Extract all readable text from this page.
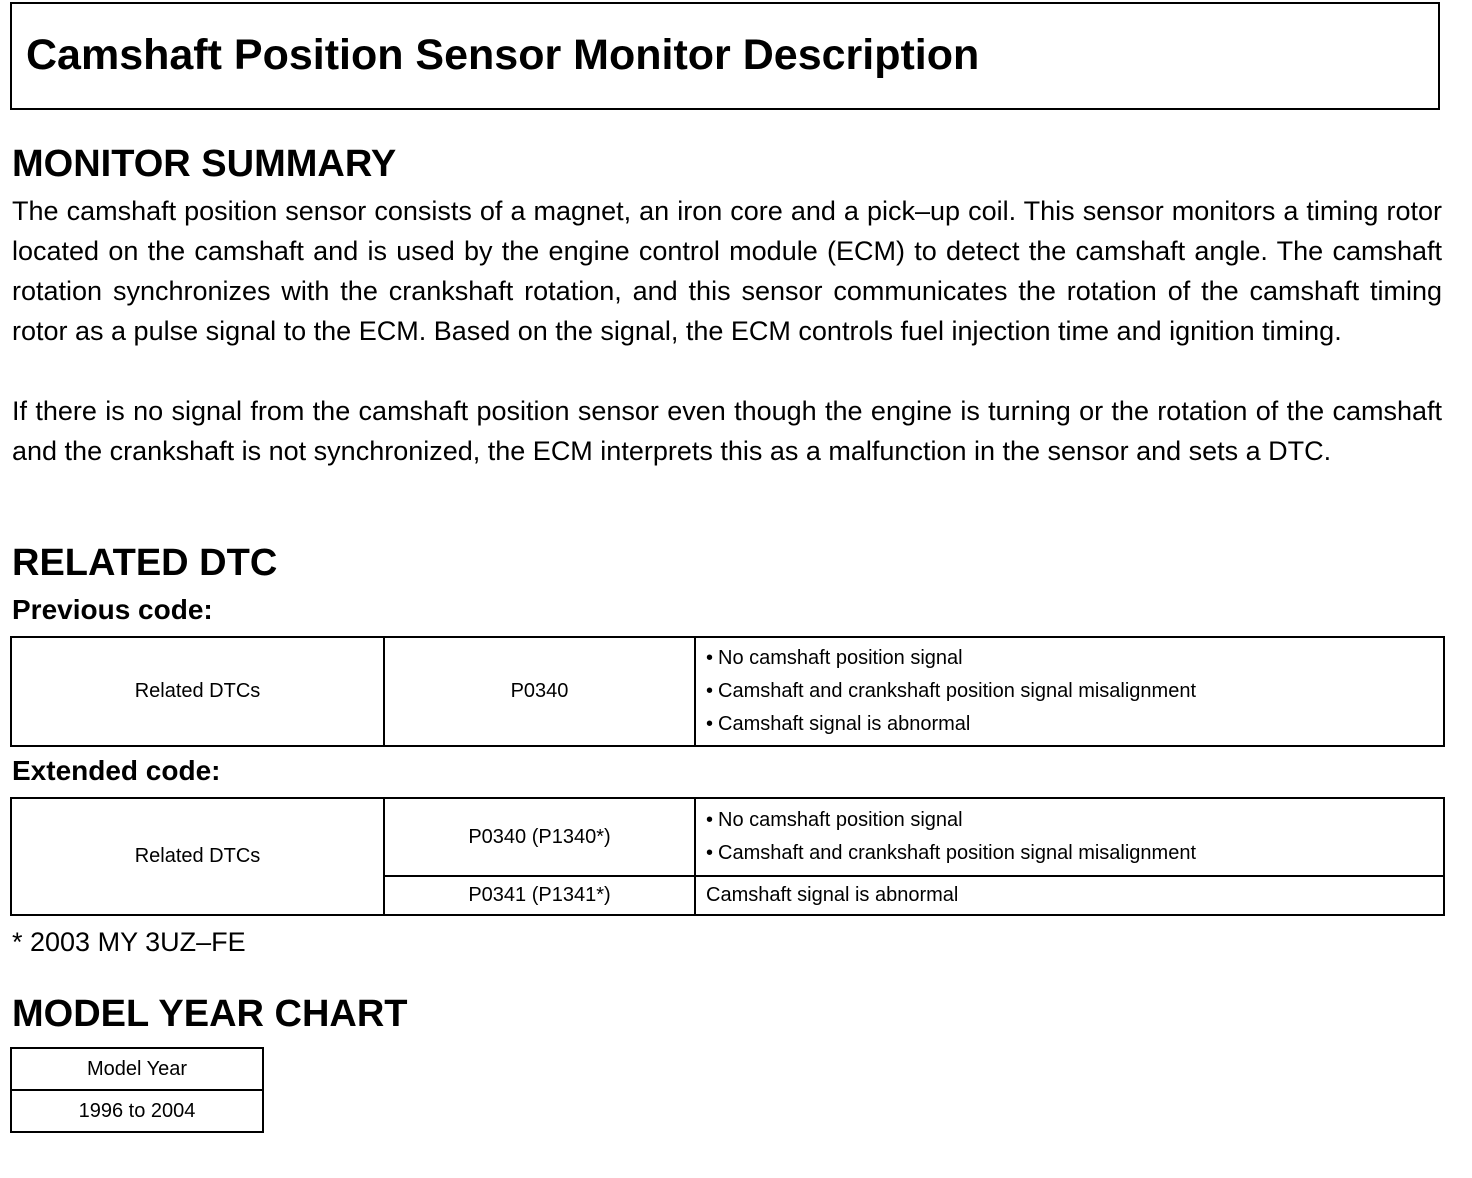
Camshaft Position Sensor Monitor Description
MONITOR SUMMARY
The camshaft position sensor consists of a magnet, an iron core and a pick–up coil. This sensor monitors a timing rotor located on the camshaft and is used by the engine control module (ECM) to detect the camshaft angle. The camshaft rotation synchronizes with the crankshaft rotation, and this sensor communicates the rotation of the camshaft timing rotor as a pulse signal to the ECM. Based on the signal, the ECM controls fuel injection time and ignition timing.
If there is no signal from the camshaft position sensor even though the engine is turning or the rotation of the camshaft and the crankshaft is not synchronized, the ECM interprets this as a malfunction in the sensor and sets a DTC.
RELATED DTC
Previous code:
Related DTCs	P0340	
• No camshaft position signal
• Camshaft and crankshaft position signal misalignment
• Camshaft signal is abnormal
Extended code:
Related DTCs	P0340 (P1340*)	• No camshaft position signal
• Camshaft and crankshaft position signal misalignment

	P0341 (P1341*)	Camshaft signal is abnormal
* 2003 MY 3UZ–FE
MODEL YEAR CHART
Model Year
1996 to 2004
